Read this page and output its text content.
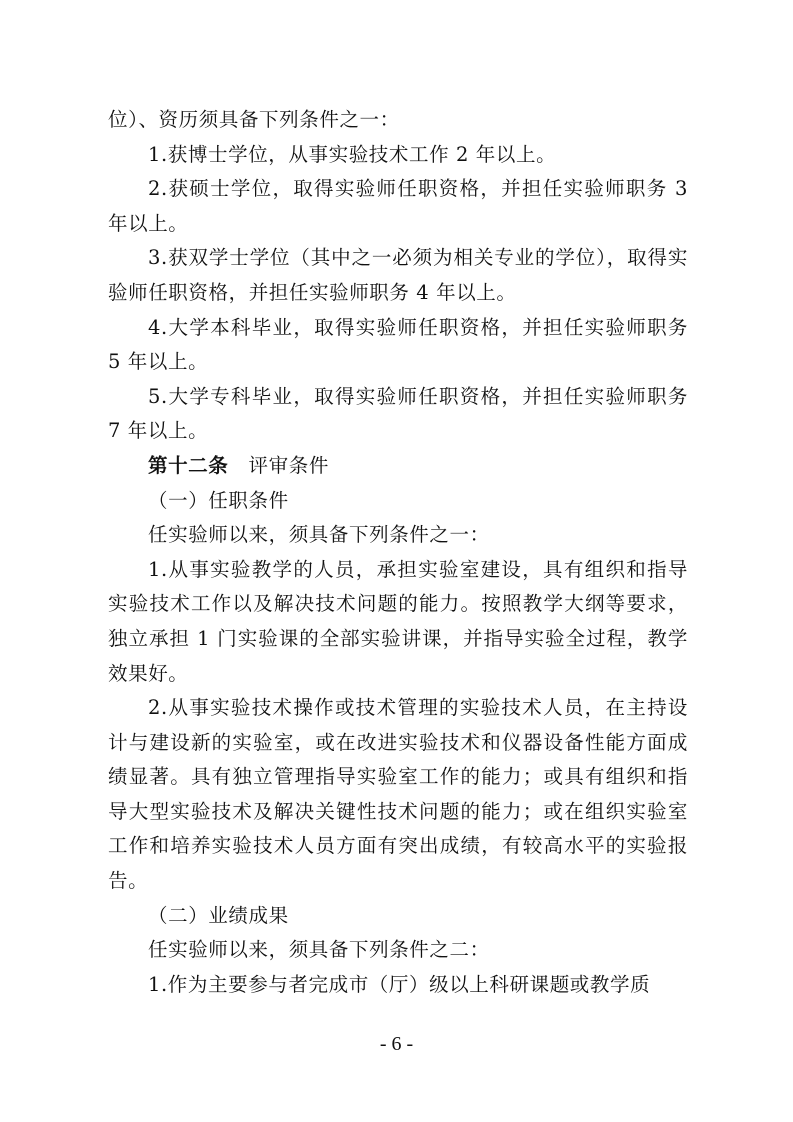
位）、资历须具备下列条件之一：

1.获博士学位，从事实验技术工作 2 年以上。

2.获硕士学位，取得实验师任职资格，并担任实验师职务 3 年以上。

3.获双学士学位（其中之一必须为相关专业的学位），取得实验师任职资格，并担任实验师职务 4 年以上。

4.大学本科毕业，取得实验师任职资格，并担任实验师职务 5 年以上。

5.大学专科毕业，取得实验师任职资格，并担任实验师职务 7 年以上。

第十二条　评审条件

（一）任职条件

任实验师以来，须具备下列条件之一：

1.从事实验教学的人员，承担实验室建设，具有组织和指导实验技术工作以及解决技术问题的能力。按照教学大纲等要求，独立承担 1 门实验课的全部实验讲课，并指导实验全过程，教学效果好。

2.从事实验技术操作或技术管理的实验技术人员，在主持设计与建设新的实验室，或在改进实验技术和仪器设备性能方面成绩显著。具有独立管理指导实验室工作的能力；或具有组织和指导大型实验技术及解决关键性技术问题的能力；或在组织实验室工作和培养实验技术人员方面有突出成绩，有较高水平的实验报告。

（二）业绩成果

任实验师以来，须具备下列条件之二：

1.作为主要参与者完成市（厅）级以上科研课题或教学质

- 6 -
